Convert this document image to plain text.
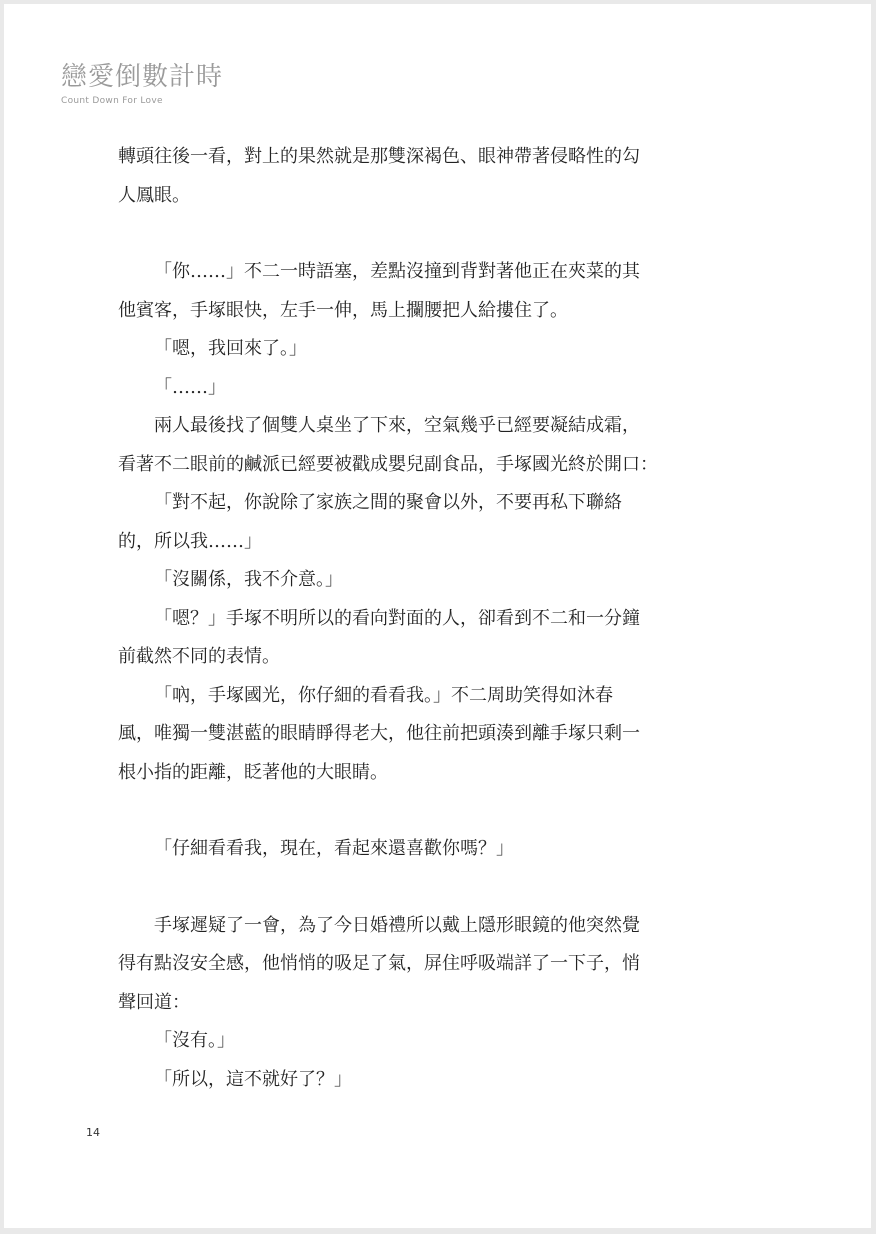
戀愛倒數計時
Count Down For Love

轉頭往後一看，對上的果然就是那雙深褐色、眼神帶著侵略性的勾

人鳳眼。

「你……」不二一時語塞，差點沒撞到背對著他正在夾菜的其

他賓客，手塚眼快，左手一伸，馬上攔腰把人給摟住了。

「嗯，我回來了。」

「……」

兩人最後找了個雙人桌坐了下來，空氣幾乎已經要凝結成霜，

看著不二眼前的鹹派已經要被戳成嬰兒副食品，手塚國光終於開口：

「對不起，你說除了家族之間的聚會以外，不要再私下聯絡

的，所以我……」

「沒關係，我不介意。」

「嗯？」手塚不明所以的看向對面的人，卻看到不二和一分鐘

前截然不同的表情。

「吶，手塚國光，你仔細的看看我。」不二周助笑得如沐春

風，唯獨一雙湛藍的眼睛睜得老大，他往前把頭湊到離手塚只剩一

根小指的距離，眨著他的大眼睛。

「仔細看看我，現在，看起來還喜歡你嗎？」

手塚遲疑了一會，為了今日婚禮所以戴上隱形眼鏡的他突然覺

得有點沒安全感，他悄悄的吸足了氣，屏住呼吸端詳了一下子，悄

聲回道：

「沒有。」

「所以，這不就好了？」

14
